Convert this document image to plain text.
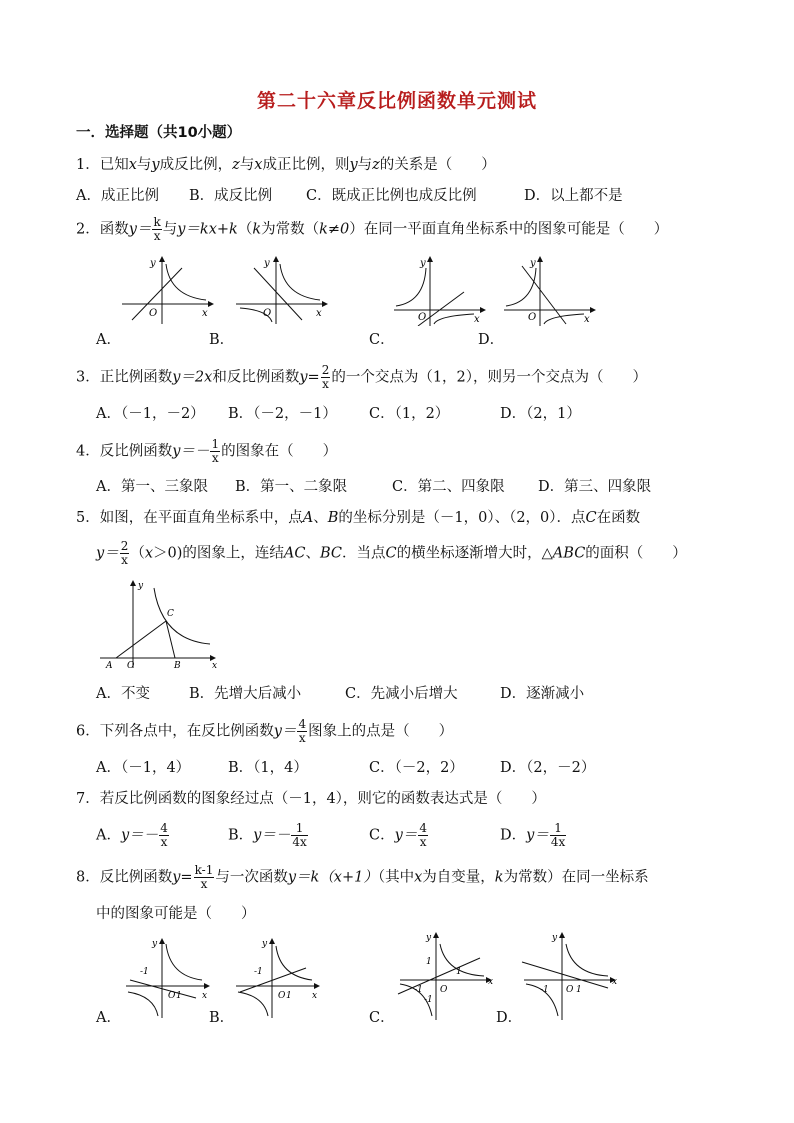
第二十六章反比例函数单元测试
一．选择题（共10小题）
1．已知x与y成反比例，z与x成正比例，则y与z的关系是（　　）
A．成正比例 B．成反比例 C．既成正比例也成反比例	D．以上都不是
2．函数$y= \frac{k}{x}$ 与y＝kx+k（k为常数（k≠0）在同一平面直角坐标系中的图象可能是（　　）
O	x
y
O	x
y
O	x
y
O	x
y
A．	B．	C．	D．
3．正比例函数y＝2x和反比例函数$y= \frac{2}{x}$ 的一个交点为（1，2），则另一个交点为（　　）
A．（－1，－2） B．（－2，－1） C．（1，2）	D．（2，1）
4．反比例函数$y=- \frac{1}{x}$ 的图象在（　　）
A．第一、三象限 B．第一、二象限	C．第二、四象限 D．第三、四象限
5．如图，在平面直角坐标系中，点A、B的坐标分别是（－1，0）、（2，0）．点C在函数
$y= \frac{2}{x} (x>0)$的图象上，连结AC、BC．当点C的横坐标逐渐增大时，△ABC的面积（　　）
A O	B
C
x
y
A．不变	B．先增大后减小	C．先减小后增大	D．逐渐减小
6．下列各点中，在反比例函数$y= \frac{4}{x}$ 图象上的点是（　　）
A．（－1，4）	B．（1，4）	C．（－2，2） D．（2，－2）
7．若反比例函数的图象经过点（－1，4），则它的函数表达式是（　　）
A．$y=- \frac{4}{x}$	B．$y=- \frac{1}{4x}$	C．$y= \frac{4}{x}$	D．$y= \frac{1}{4x}$
8．反比例函数$y= \frac{k-1}{x}$ 与一次函数y＝k（x+1）（其中x为自变量，k为常数）在同一坐标系
中的图象可能是（　　）
-1
O 1 x
y
-1
O 1 x
y
1
1
-1 O
-1
x
y
-1 O 1
x
y
A．	B．	C．	D．
